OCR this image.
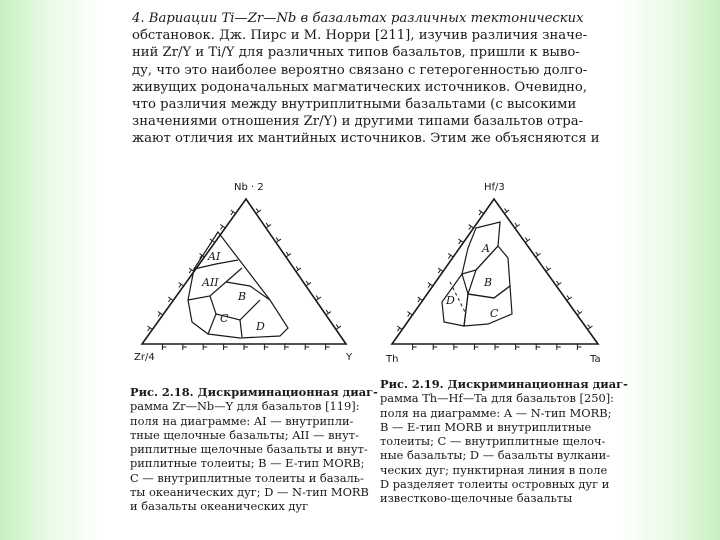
4. Вариации Ti—Zr—Nb в базальтах различных тектонических
обстановок. Дж. Пирс и М. Норри [211], изучив различия значе-
ний Zr/Y и Ti/Y для различных типов базальтов, пришли к выво-
ду, что это наиболее вероятно связано с гетерогенностью долго-
живущих родоначальных магматических источников. Очевидно,
что различия между внутриплитными базальтами (с высокими
значениями отношения Zr/Y) и другими типами базальтов отра-
жают отличия их мантийных источников. Этим же объясняются и
AI
AII
B
C
D
Nb · 2
Zr/4	Y
A
B
C
D
Hf/3
Th	Ta
Рис. 2.18. Дискриминационная диаг-
рамма Zr—Nb—Y для базальтов [119]:
поля на диаграмме: AI — внутрипли-
тные щелочные базальты; AII — внут-
риплитные щелочные базальты и внут-
риплитные толеиты; B — E-тип MORB;
C — внутриплитные толеиты и базаль-
ты океанических дуг; D — N-тип MORB
и базальты океанических дуг
Рис. 2.19. Дискриминационная диаг-
рамма Th—Hf—Ta для базальтов [250]:
поля на диаграмме: A — N-тип MORB;
B — E-тип MORB и внутриплитные
толеиты; C — внутриплитные щелоч-
ные базальты; D — базальты вулкани-
ческих дуг; пунктирная линия в поле
D разделяет толеиты островных дуг и
известково-щелочные базальты
